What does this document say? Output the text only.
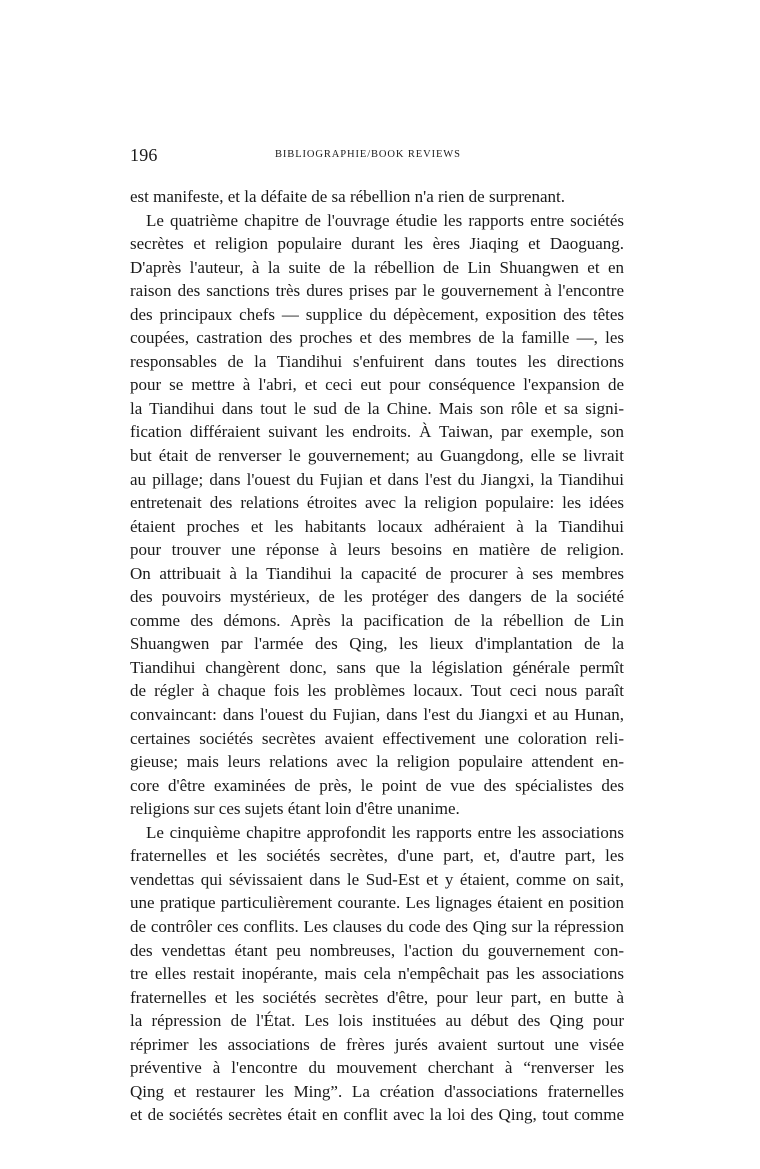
196	BIBLIOGRAPHIE/BOOK REVIEWS
est manifeste, et la défaite de sa rébellion n'a rien de surprenant.
Le quatrième chapitre de l'ouvrage étudie les rapports entre sociétés
secrètes et religion populaire durant les ères Jiaqing et Daoguang.
D'après l'auteur, à la suite de la rébellion de Lin Shuangwen et en
raison des sanctions très dures prises par le gouvernement à l'encontre
des principaux chefs — supplice du dépècement, exposition des têtes
coupées, castration des proches et des membres de la famille —, les
responsables de la Tiandihui s'enfuirent dans toutes les directions
pour se mettre à l'abri, et ceci eut pour conséquence l'expansion de
la Tiandihui dans tout le sud de la Chine. Mais son rôle et sa signi-
fication différaient suivant les endroits. À Taiwan, par exemple, son
but était de renverser le gouvernement; au Guangdong, elle se livrait
au pillage; dans l'ouest du Fujian et dans l'est du Jiangxi, la Tiandihui
entretenait des relations étroites avec la religion populaire: les idées
étaient proches et les habitants locaux adhéraient à la Tiandihui
pour trouver une réponse à leurs besoins en matière de religion.
On attribuait à la Tiandihui la capacité de procurer à ses membres
des pouvoirs mystérieux, de les protéger des dangers de la société
comme des démons. Après la pacification de la rébellion de Lin
Shuangwen par l'armée des Qing, les lieux d'implantation de la
Tiandihui changèrent donc, sans que la législation générale permît
de régler à chaque fois les problèmes locaux. Tout ceci nous paraît
convaincant: dans l'ouest du Fujian, dans l'est du Jiangxi et au Hunan,
certaines sociétés secrètes avaient effectivement une coloration reli-
gieuse; mais leurs relations avec la religion populaire attendent en-
core d'être examinées de près, le point de vue des spécialistes des
religions sur ces sujets étant loin d'être unanime.
Le cinquième chapitre approfondit les rapports entre les associations
fraternelles et les sociétés secrètes, d'une part, et, d'autre part, les
vendettas qui sévissaient dans le Sud-Est et y étaient, comme on sait,
une pratique particulièrement courante. Les lignages étaient en position
de contrôler ces conflits. Les clauses du code des Qing sur la répression
des vendettas étant peu nombreuses, l'action du gouvernement con-
tre elles restait inopérante, mais cela n'empêchait pas les associations
fraternelles et les sociétés secrètes d'être, pour leur part, en butte à
la répression de l'État. Les lois instituées au début des Qing pour
réprimer les associations de frères jurés avaient surtout une visée
préventive à l'encontre du mouvement cherchant à “renverser les
Qing et restaurer les Ming”. La création d'associations fraternelles
et de sociétés secrètes était en conflit avec la loi des Qing, tout comme
